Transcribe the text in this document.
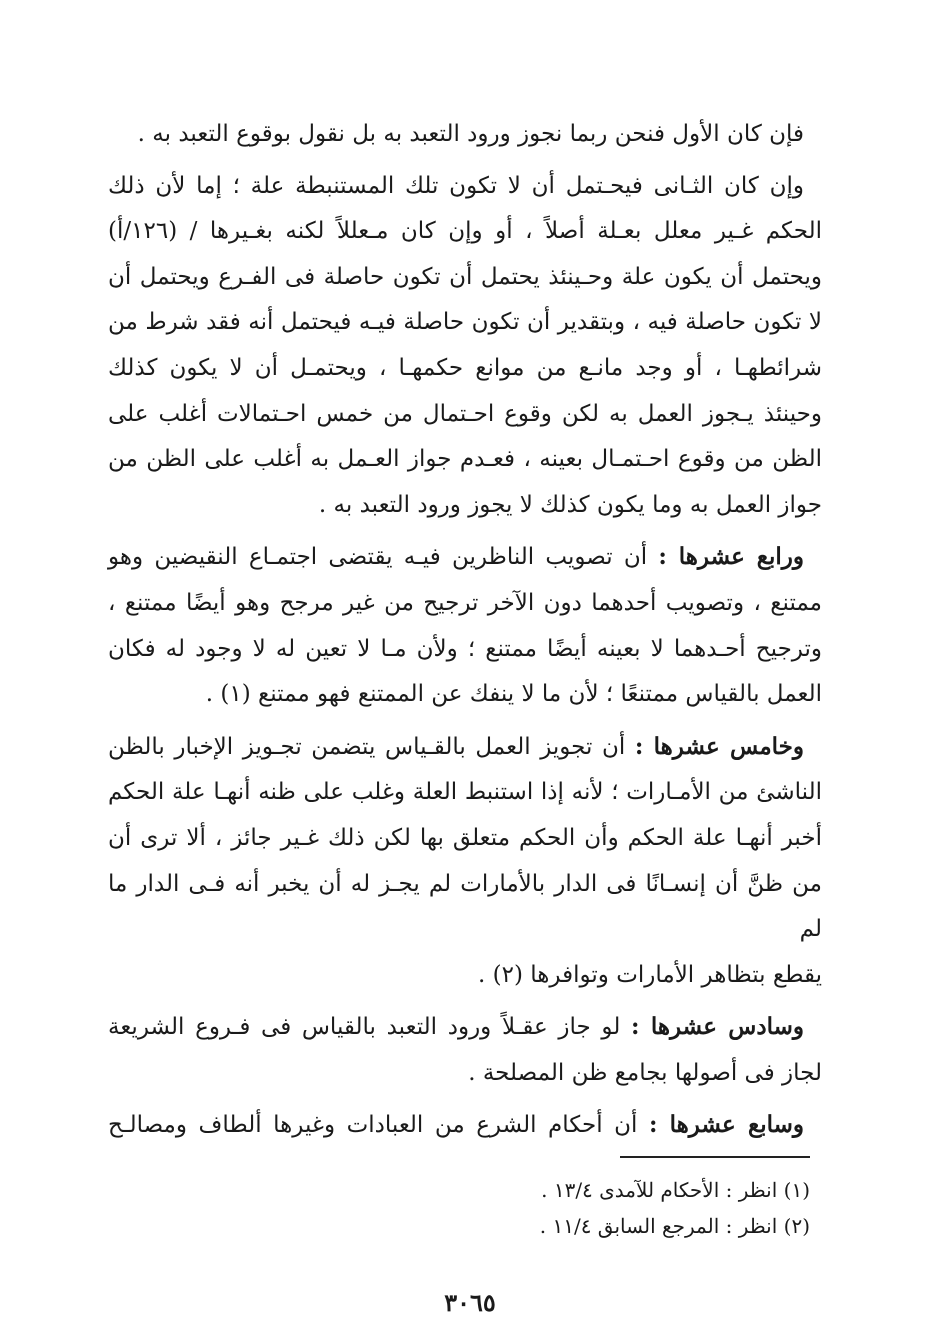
فإن كان الأول فنحن ربما نجوز ورود التعبد به بل نقول بوقوع التعبد به .

وإن كان الثـانى فيحـتمل أن لا تكون تلك المستنبطة علة ؛ إما لأن ذلك
الحكم غـير معلل بعـلة أصلاً ، أو وإن كان مـعللاً لكنه بغـيرها / (١٢٦/أ)
ويحتمل أن يكون علة وحـينئذ يحتمل أن تكون حاصلة فى الفـرع ويحتمل أن
لا تكون حاصلة فيه ، وبتقدير أن تكون حاصلة فيـه فيحتمل أنه فقد شرط من
شرائطهـا ، أو وجد مانـع من موانع حكمهـا ، ويحتمـل أن لا يكون كذلك
وحينئذ يـجوز العمل به لكن وقوع احـتمال من خمس احـتمالات أغلب على
الظن من وقوع احـتمـال بعينه ، فعـدم جواز العـمل به أغلب على الظن من
جواز العمل به وما يكون كذلك لا يجوز ورود التعبد به .

ورابع عشرها : أن تصويب الناظرين فيـه يقتضى اجتمـاع النقيضين وهو
ممتنع ، وتصويب أحدهما دون الآخر ترجيح من غير مرجح وهو أيضًا ممتنع ،
وترجيح أحـدهما لا بعينه أيضًا ممتنع ؛ ولأن مـا لا تعين له لا وجود له فكان
العمل بالقياس ممتنعًا ؛ لأن ما لا ينفك عن الممتنع فهو ممتنع (١) .

وخامس عشرها : أن تجويز العمل بالقـياس يتضمن تجـويز الإخبار بالظن
الناشئ من الأمـارات ؛ لأنه إذا استنبط العلة وغلب على ظنه أنهـا علة الحكم
أخبر أنهـا علة الحكم وأن الحكم متعلق بها لكن ذلك غـير جائز ، ألا ترى أن
من ظنَّ أن إنسـانًا فى الدار بالأمارات لم يجـز له أن يخبر أنه فـى الدار ما لم
يقطع بتظاهر الأمارات وتوافرها (٢) .

وسادس عشرها : لو جاز عقـلاً ورود التعبد بالقياس فى فـروع الشريعة
لجاز فى أصولها بجامع ظن المصلحة .

وسابع عشرها : أن أحكام الشرع من العبادات وغيرها ألطاف ومصالـح

(١) انظر : الأحكام للآمدى ١٣/٤ .
(٢) انظر : المرجع السابق ١١/٤ .
٣٠٦٥
